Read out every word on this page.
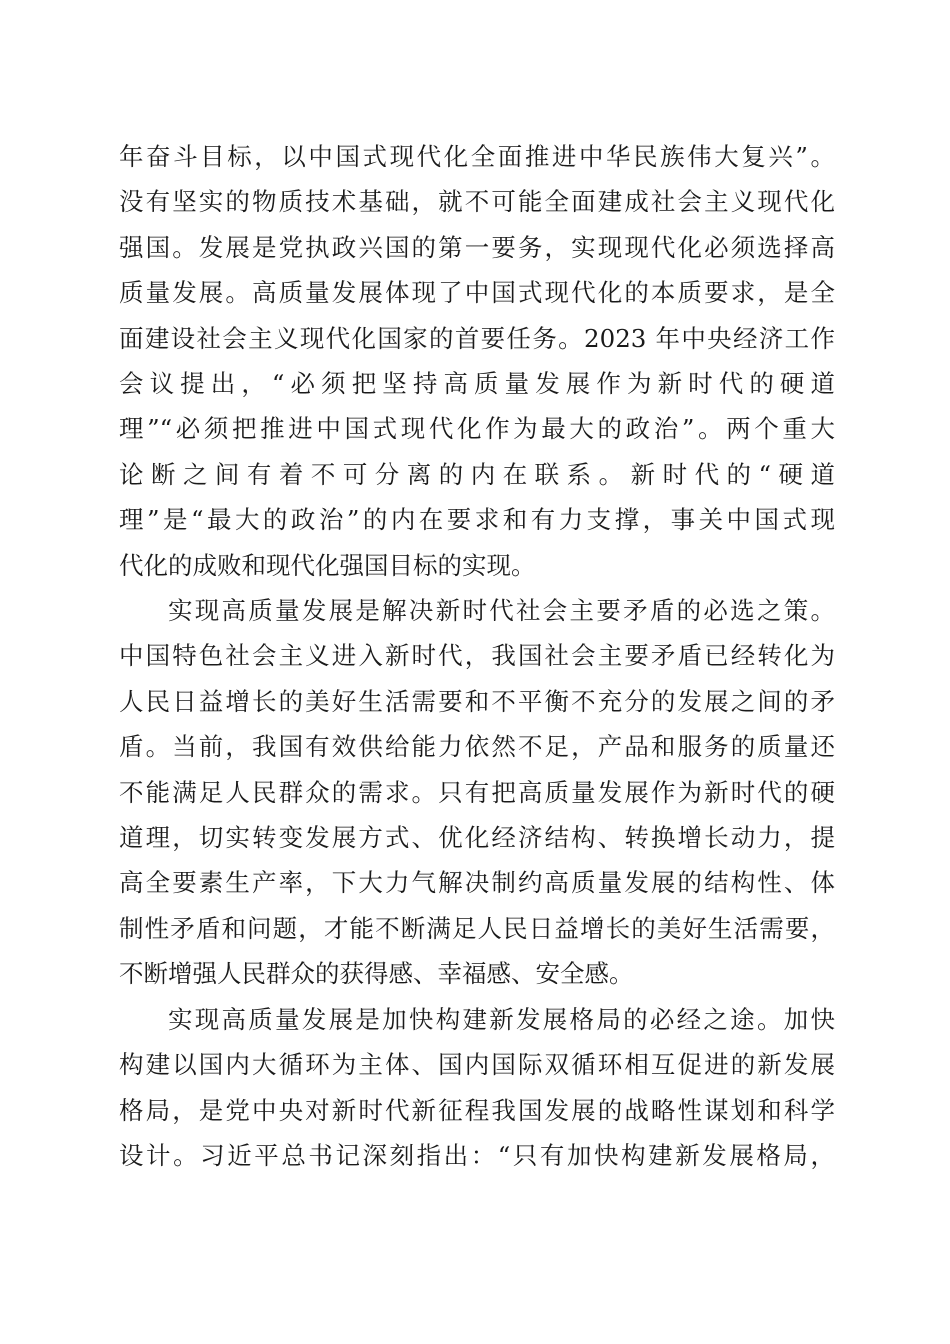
年奋斗目标，以中国式现代化全面推进中华民族伟大复兴”。
没有坚实的物质技术基础，就不可能全面建成社会主义现代化
强国。发展是党执政兴国的第一要务，实现现代化必须选择高
质量发展。高质量发展体现了中国式现代化的本质要求，是全
面建设社会主义现代化国家的首要任务。2023 年中央经济工作
会议提出，“必须把坚持高质量发展作为新时代的硬道
理”“必须把推进中国式现代化作为最大的政治”。两个重大
论断之间有着不可分离的内在联系。新时代的“硬道
理”是“最大的政治”的内在要求和有力支撑，事关中国式现
代化的成败和现代化强国目标的实现。
实现高质量发展是解决新时代社会主要矛盾的必选之策。
中国特色社会主义进入新时代，我国社会主要矛盾已经转化为
人民日益增长的美好生活需要和不平衡不充分的发展之间的矛
盾。当前，我国有效供给能力依然不足，产品和服务的质量还
不能满足人民群众的需求。只有把高质量发展作为新时代的硬
道理，切实转变发展方式、优化经济结构、转换增长动力，提
高全要素生产率，下大力气解决制约高质量发展的结构性、体
制性矛盾和问题，才能不断满足人民日益增长的美好生活需要，
不断增强人民群众的获得感、幸福感、安全感。
实现高质量发展是加快构建新发展格局的必经之途。加快
构建以国内大循环为主体、国内国际双循环相互促进的新发展
格局，是党中央对新时代新征程我国发展的战略性谋划和科学
设计。习近平总书记深刻指出：“只有加快构建新发展格局，
